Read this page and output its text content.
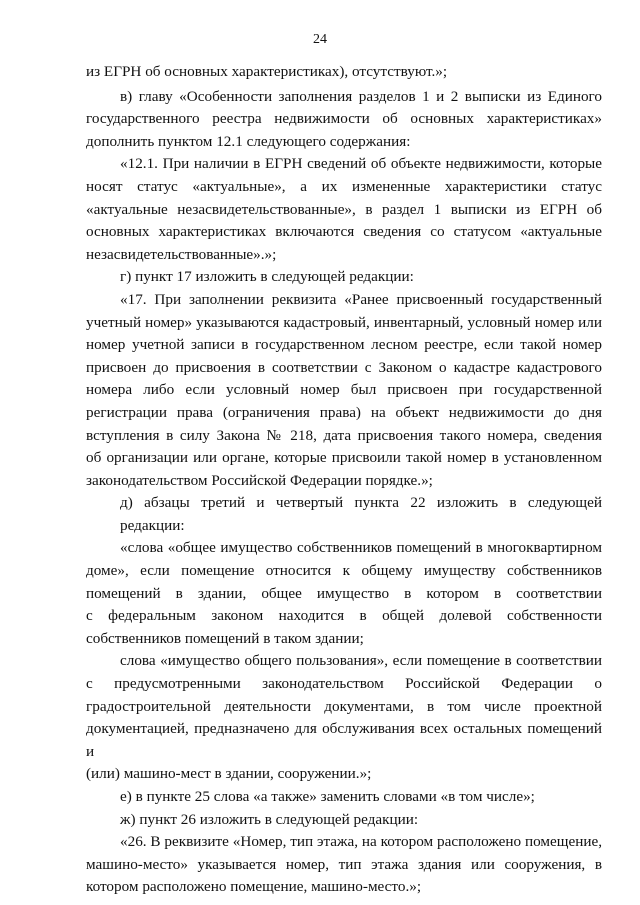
24

из ЕГРН об основных характеристиках), отсутствуют.»;

в) главу «Особенности заполнения разделов 1 и 2 выписки из Единого
государственного реестра недвижимости об основных характеристиках»
дополнить пунктом 12.1 следующего содержания:

«12.1. При наличии в ЕГРН сведений об объекте недвижимости, которые
носят статус «актуальные», а их измененные характеристики статус
«актуальные незасвидетельствованные», в раздел 1 выписки из ЕГРН об
основных характеристиках включаются сведения со статусом «актуальные
незасвидетельствованные».»;

г) пункт 17 изложить в следующей редакции:

«17. При заполнении реквизита «Ранее присвоенный государственный
учетный номер» указываются кадастровый, инвентарный, условный номер или
номер учетной записи в государственном лесном реестре, если такой номер
присвоен до присвоения в соответствии с Законом о кадастре кадастрового
номера либо если условный номер был присвоен при государственной
регистрации права (ограничения права) на объект недвижимости до дня
вступления в силу Закона № 218, дата присвоения такого номера, сведения
об организации или органе, которые присвоили такой номер в установленном
законодательством Российской Федерации порядке.»;

д) абзацы третий и четвертый пункта 22 изложить в следующей редакции:

«слова «общее имущество собственников помещений в многоквартирном
доме», если помещение относится к общему имуществу собственников
помещений в здании, общее имущество в котором в соответствии
с федеральным законом находится в общей долевой собственности
собственников помещений в таком здании;

слова «имущество общего пользования», если помещение в соответствии
с предусмотренными законодательством Российской Федерации о
градостроительной деятельности документами, в том числе проектной
документацией, предназначено для обслуживания всех остальных помещений и
(или) машино-мест в здании, сооружении.»;

е) в пункте 25 слова «а также» заменить словами «в том числе»;

ж) пункт 26 изложить в следующей редакции:

«26. В реквизите «Номер, тип этажа, на котором расположено помещение,
машино-место» указывается номер, тип этажа здания или сооружения, в
котором расположено помещение, машино-место.»;
